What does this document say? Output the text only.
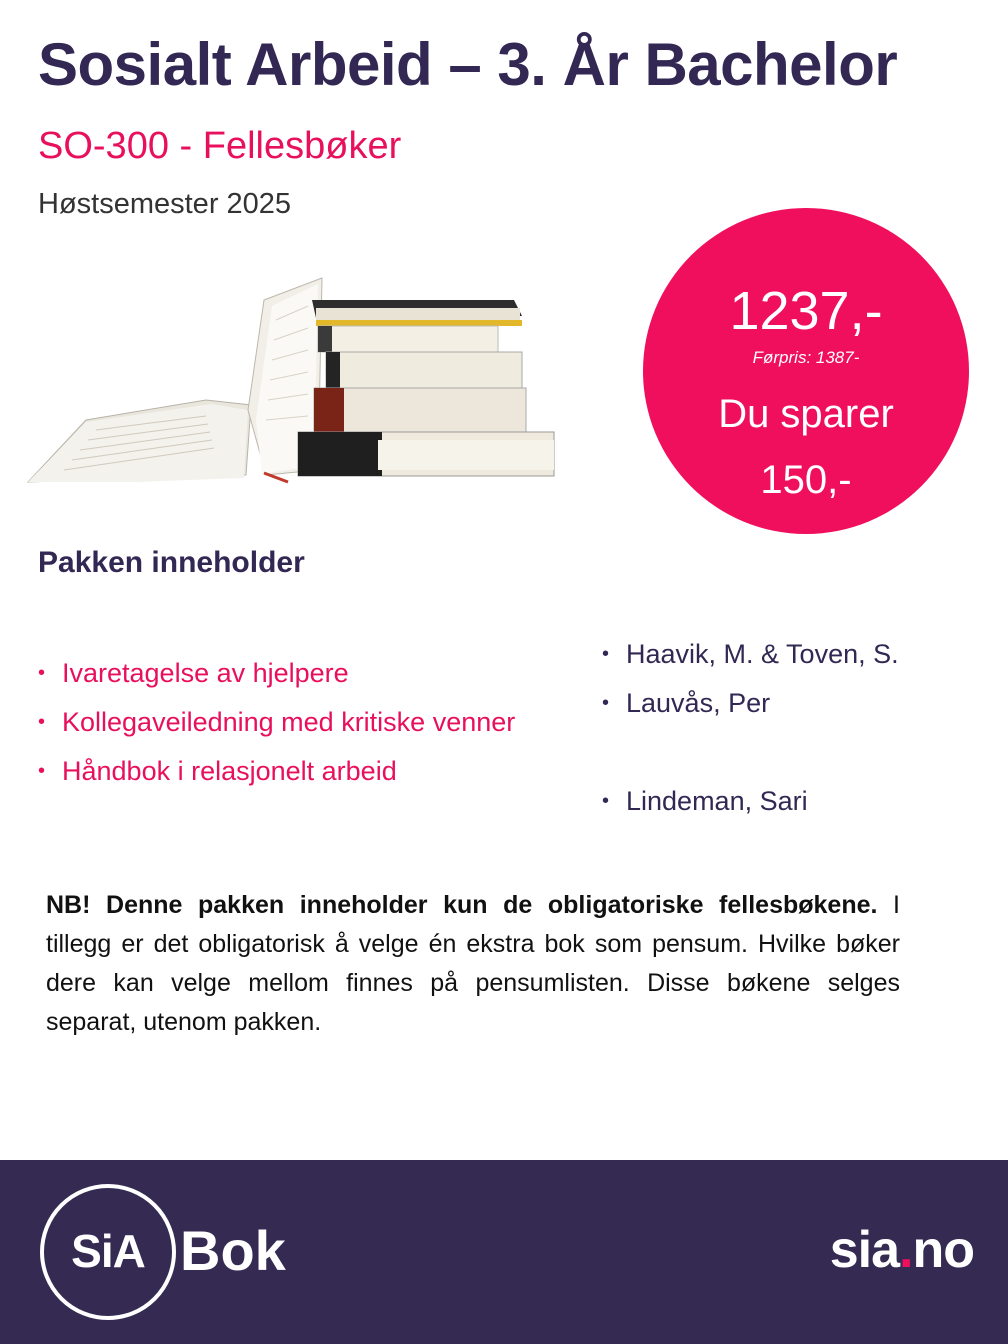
Sosialt Arbeid – 3. År Bachelor
SO-300 - Fellesbøker
Høstsemester 2025
1237,-
Førpris: 1387-
Du sparer
150,-
Pakken inneholder
• Ivaretagelse av hjelpere
• Kollegaveiledning med kritiske venner
• Håndbok i relasjonelt arbeid
• Haavik, M. & Toven, S.
• Lauvås, Per
• Lindeman, Sari

NB! Denne pakken inneholder kun de obligatoriske fellesbøkene. I tillegg er det obligatorisk å velge én ekstra bok som pensum. Hvilke bøker dere kan velge mellom finnes på pensumlisten. Disse bøkene selges separat, utenom pakken.

SiA Bok	sia.no
